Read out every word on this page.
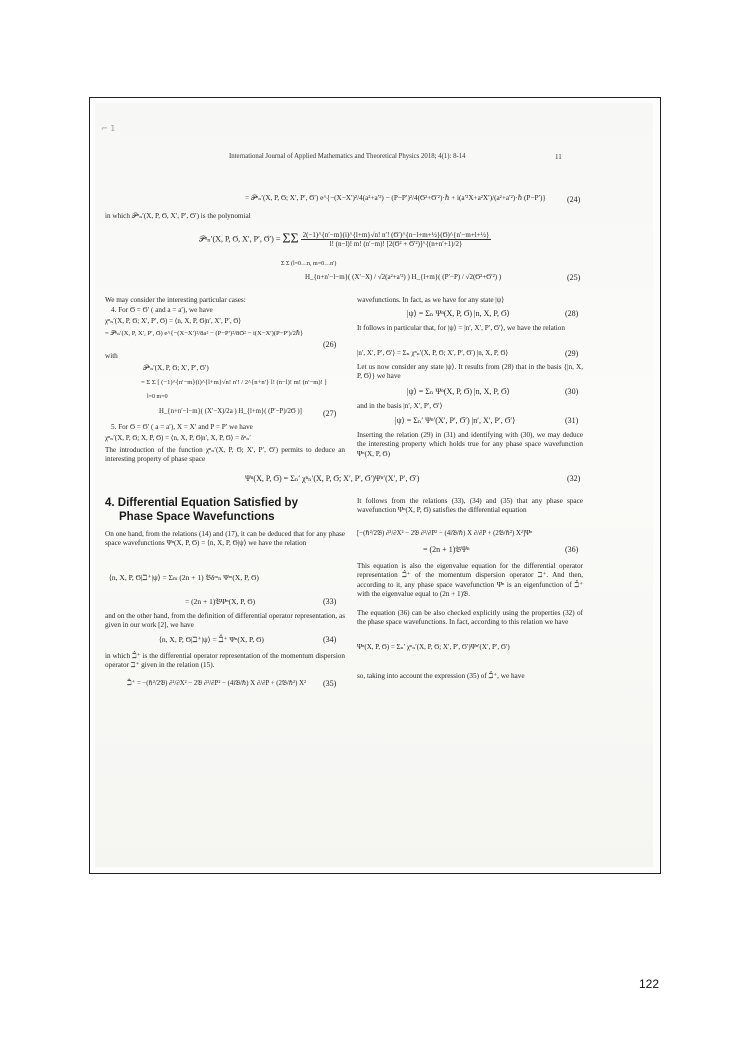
⌐ 1
International Journal of Applied Mathematics and Theoretical Physics 2018; 4(1): 8-14	11
= 𝒫ⁿₙ′(X, P, Ϭ; X′, P′, Ϭ′) e^{−(X−X′)²/4(a²+a′²) − (P−P′)²/4(Ϭ²+Ϭ′²)·ℏ + i(a′²X+a²X′)/(a²+a′²)·ℏ (P−P′)}	(24)
in which 𝒫ⁿₙ′(X, P, Ϭ, X′, P′, Ϭ′) is the polynomial
𝒫ⁿₙ′(X, P, Ϭ, X′, P′, Ϭ′) = ΣΣ $\frac{\text{2(−1)\textasciicircum{}\{n′−m\}(i)\textasciicircum{}\{l+m\}√n! n′! (Ϭ′)\textasciicircum{}\{n−l+m+½\}(Ϭ)\textasciicircum{}\{n′−m+l+½\}}}{\text{l! (n−l)! m! (n′−m)! [2(Ϭ² + Ϭ′²)]\textasciicircum{}\{(n+n′+1)/2\}}}$
Σ Σ (l=0…n, m=0…n′)
H_{n+n′−l−m}( (X′−X) / √2(a²+a′²) ) H_{l+m}( (P′−P) / √2(Ϭ²+Ϭ′²) )	(25)
We may consider the interesting particular cases:
4. For Ϭ = Ϭ′ ( and a = a′), we have
χⁿₙ′(X, P, Ϭ; X′, P′, Ϭ) = ⟨n, X, P, Ϭ|n′, X′, P′, Ϭ⟩
= 𝒫ⁿₙ′(X, P, X′, P′, Ϭ) e^{−(X−X′)²/8a² − (P−P′)²/8Ϭ² − i(X−X′)(P−P′)/2ℏ}
(26)
with
𝒫ⁿₙ′(X, P, Ϭ; X′, P′, Ϭ′)
= Σ Σ [ (−1)^{n′−m}(i)^{l+m}√n! n′! / 2^{n+n′} l! (n−l)! m! (n′−m)! ]
l=0 m=0
H_{n+n′−l−m}( (X′−X)/2a ) H_{l+m}( (P′−P)/2Ϭ )]	(27)
5. For Ϭ = Ϭ′ ( a = a′), X = X′ and P = P′ we have
χⁿₙ′(X, P, Ϭ; X, P, Ϭ) = ⟨n, X, P, Ϭ|n′, X, P, Ϭ⟩ = δⁿₙ′
The introduction of the function χⁿₙ′(X, P, Ϭ; X′, P′, Ϭ′) permits to deduce an interesting property of phase space
wavefunctions. In fact, as we have for any state |ψ⟩
|ψ⟩ = Σₙ Ψⁿ(X, P, Ϭ) |n, X, P, Ϭ⟩	(28)
It follows in particular that, for |ψ⟩ = |n′, X′, P′, Ϭ′⟩, we have the relation
|n′, X′, P′, Ϭ′⟩ = Σₙ χⁿₙ′(X, P, Ϭ; X′, P′, Ϭ′) |n, X, P, Ϭ⟩	(29)
Let us now consider any state |ψ⟩. It results from (28) that in the basis {|n, X, P, Ϭ⟩} we have
|ψ⟩ = Σₙ Ψⁿ(X, P, Ϭ) |n, X, P, Ϭ⟩	(30)
and in the basis |n′, X′, P′, Ϭ′⟩
|ψ⟩ = Σₙ′ Ψⁿ′(X′, P′, Ϭ′) |n′, X′, P′, Ϭ′⟩	(31)
Inserting the relation (29) in (31) and identifying with (30), we may deduce the interesting property which holds true for any phase space wavefunction Ψⁿ(X, P, Ϭ)
Ψⁿ(X, P, Ϭ) = Σₙ′ χⁿₙ′(X, P, Ϭ; X′, P′, Ϭ′)Ψⁿ′(X′, P′, Ϭ′)	(32)
4. Differential Equation Satisfied by
Phase Space Wavefunctions
On one hand, from the relations (14) and (17), it can be deduced that for any phase space wavefunctions Ψⁿ(X, P, Ϭ) = ⟨n, X, P, Ϭ|ψ⟩ we have the relation
⟨n, X, P, Ϭ|ℶ⁺|ψ⟩ = Σₘ (2n + 1) 𝔅δᵐₙ Ψᵐ(X, P, Ϭ)
= (2n + 1)𝔅Ψⁿ(X, P, Ϭ)	(33)
and on the other hand, from the definition of differential operator representation, as given in our work [2], we have
⟨n, X, P, Ϭ|ℶ⁺|ψ⟩ = ℶ̂⁺ Ψⁿ(X, P, Ϭ)	(34)
in which ℶ̂⁺ is the differential operator representation of the momentum dispersion operator ℶ⁺ given in the relation (15).
ℶ̂⁺ = −(ℏ²/2𝔅) ∂²/∂X² − 2𝔅 ∂²/∂P² − (4i𝔅/ℏ) X ∂/∂P + (2𝔅/ℏ²) X² (35)
It follows from the relations (33), (34) and (35) that any phase space wavefunction Ψⁿ(X, P, Ϭ) satisfies the differential equation
[−(ℏ²/2𝔅) ∂²/∂X² − 2𝔅 ∂²/∂P² − (4i𝔅/ℏ) X ∂/∂P + (2𝔅/ℏ²) X²]Ψⁿ
= (2n + 1)𝔅Ψⁿ	(36)
This equation is also the eigenvalue equation for the differential operator representation ℶ̂⁺ of the momentum dispersion operator ℶ⁺. And then, according to it, any phase space wavefunction Ψⁿ is an eigenfunction of ℶ̂⁺ with the eigenvalue equal to (2n + 1)𝔅.
The equation (36) can be also checked explicitly using the properties (32) of the phase space wavefunctions. In fact, according to this relation we have
Ψⁿ(X, P, Ϭ) = Σₙ′ χⁿₙ′(X, P, Ϭ; X′, P′, Ϭ′)Ψⁿ′(X′, P′, Ϭ′)
so, taking into account the expression (35) of ℶ̂⁺, we have
122
